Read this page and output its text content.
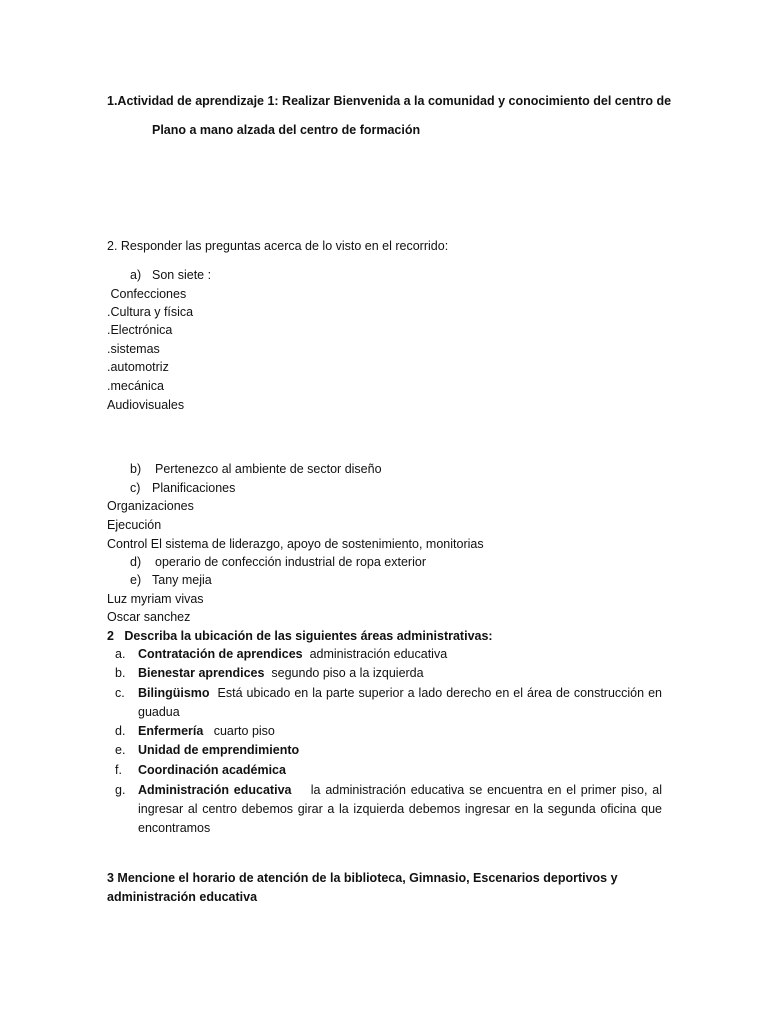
1.Actividad de aprendizaje 1: Realizar Bienvenida a la comunidad y conocimiento del centro de
Plano a mano alzada del centro de formación
2. Responder las preguntas acerca de lo visto en el recorrido:
a) Son siete :
Confecciones
.Cultura y física
.Electrónica
.sistemas
.automotriz
.mecánica
Audiovisuales
b) Pertenezco al ambiente de sector diseño
c) Planificaciones
Organizaciones
Ejecución
Control El sistema de liderazgo, apoyo de sostenimiento, monitorias
d) operario de confección industrial de ropa exterior
e) Tany mejia
Luz myriam vivas
Oscar sanchez
2   Describa la ubicación de las siguientes áreas administrativas:
a. Contratación de aprendices  administración educativa
b. Bienestar aprendices  segundo piso a la izquierda
c. Bilingüismo  Está ubicado en la parte superior a lado derecho en el área de construcción en guadua
d. Enfermería   cuarto piso
e. Unidad de emprendimiento
f. Coordinación académica
g. Administración educativa    la administración educativa se encuentra en el primer piso, al ingresar al centro debemos girar a la izquierda debemos ingresar en la segunda oficina que encontramos
3 Mencione el horario de atención de la biblioteca, Gimnasio, Escenarios deportivos y
administración educativa
